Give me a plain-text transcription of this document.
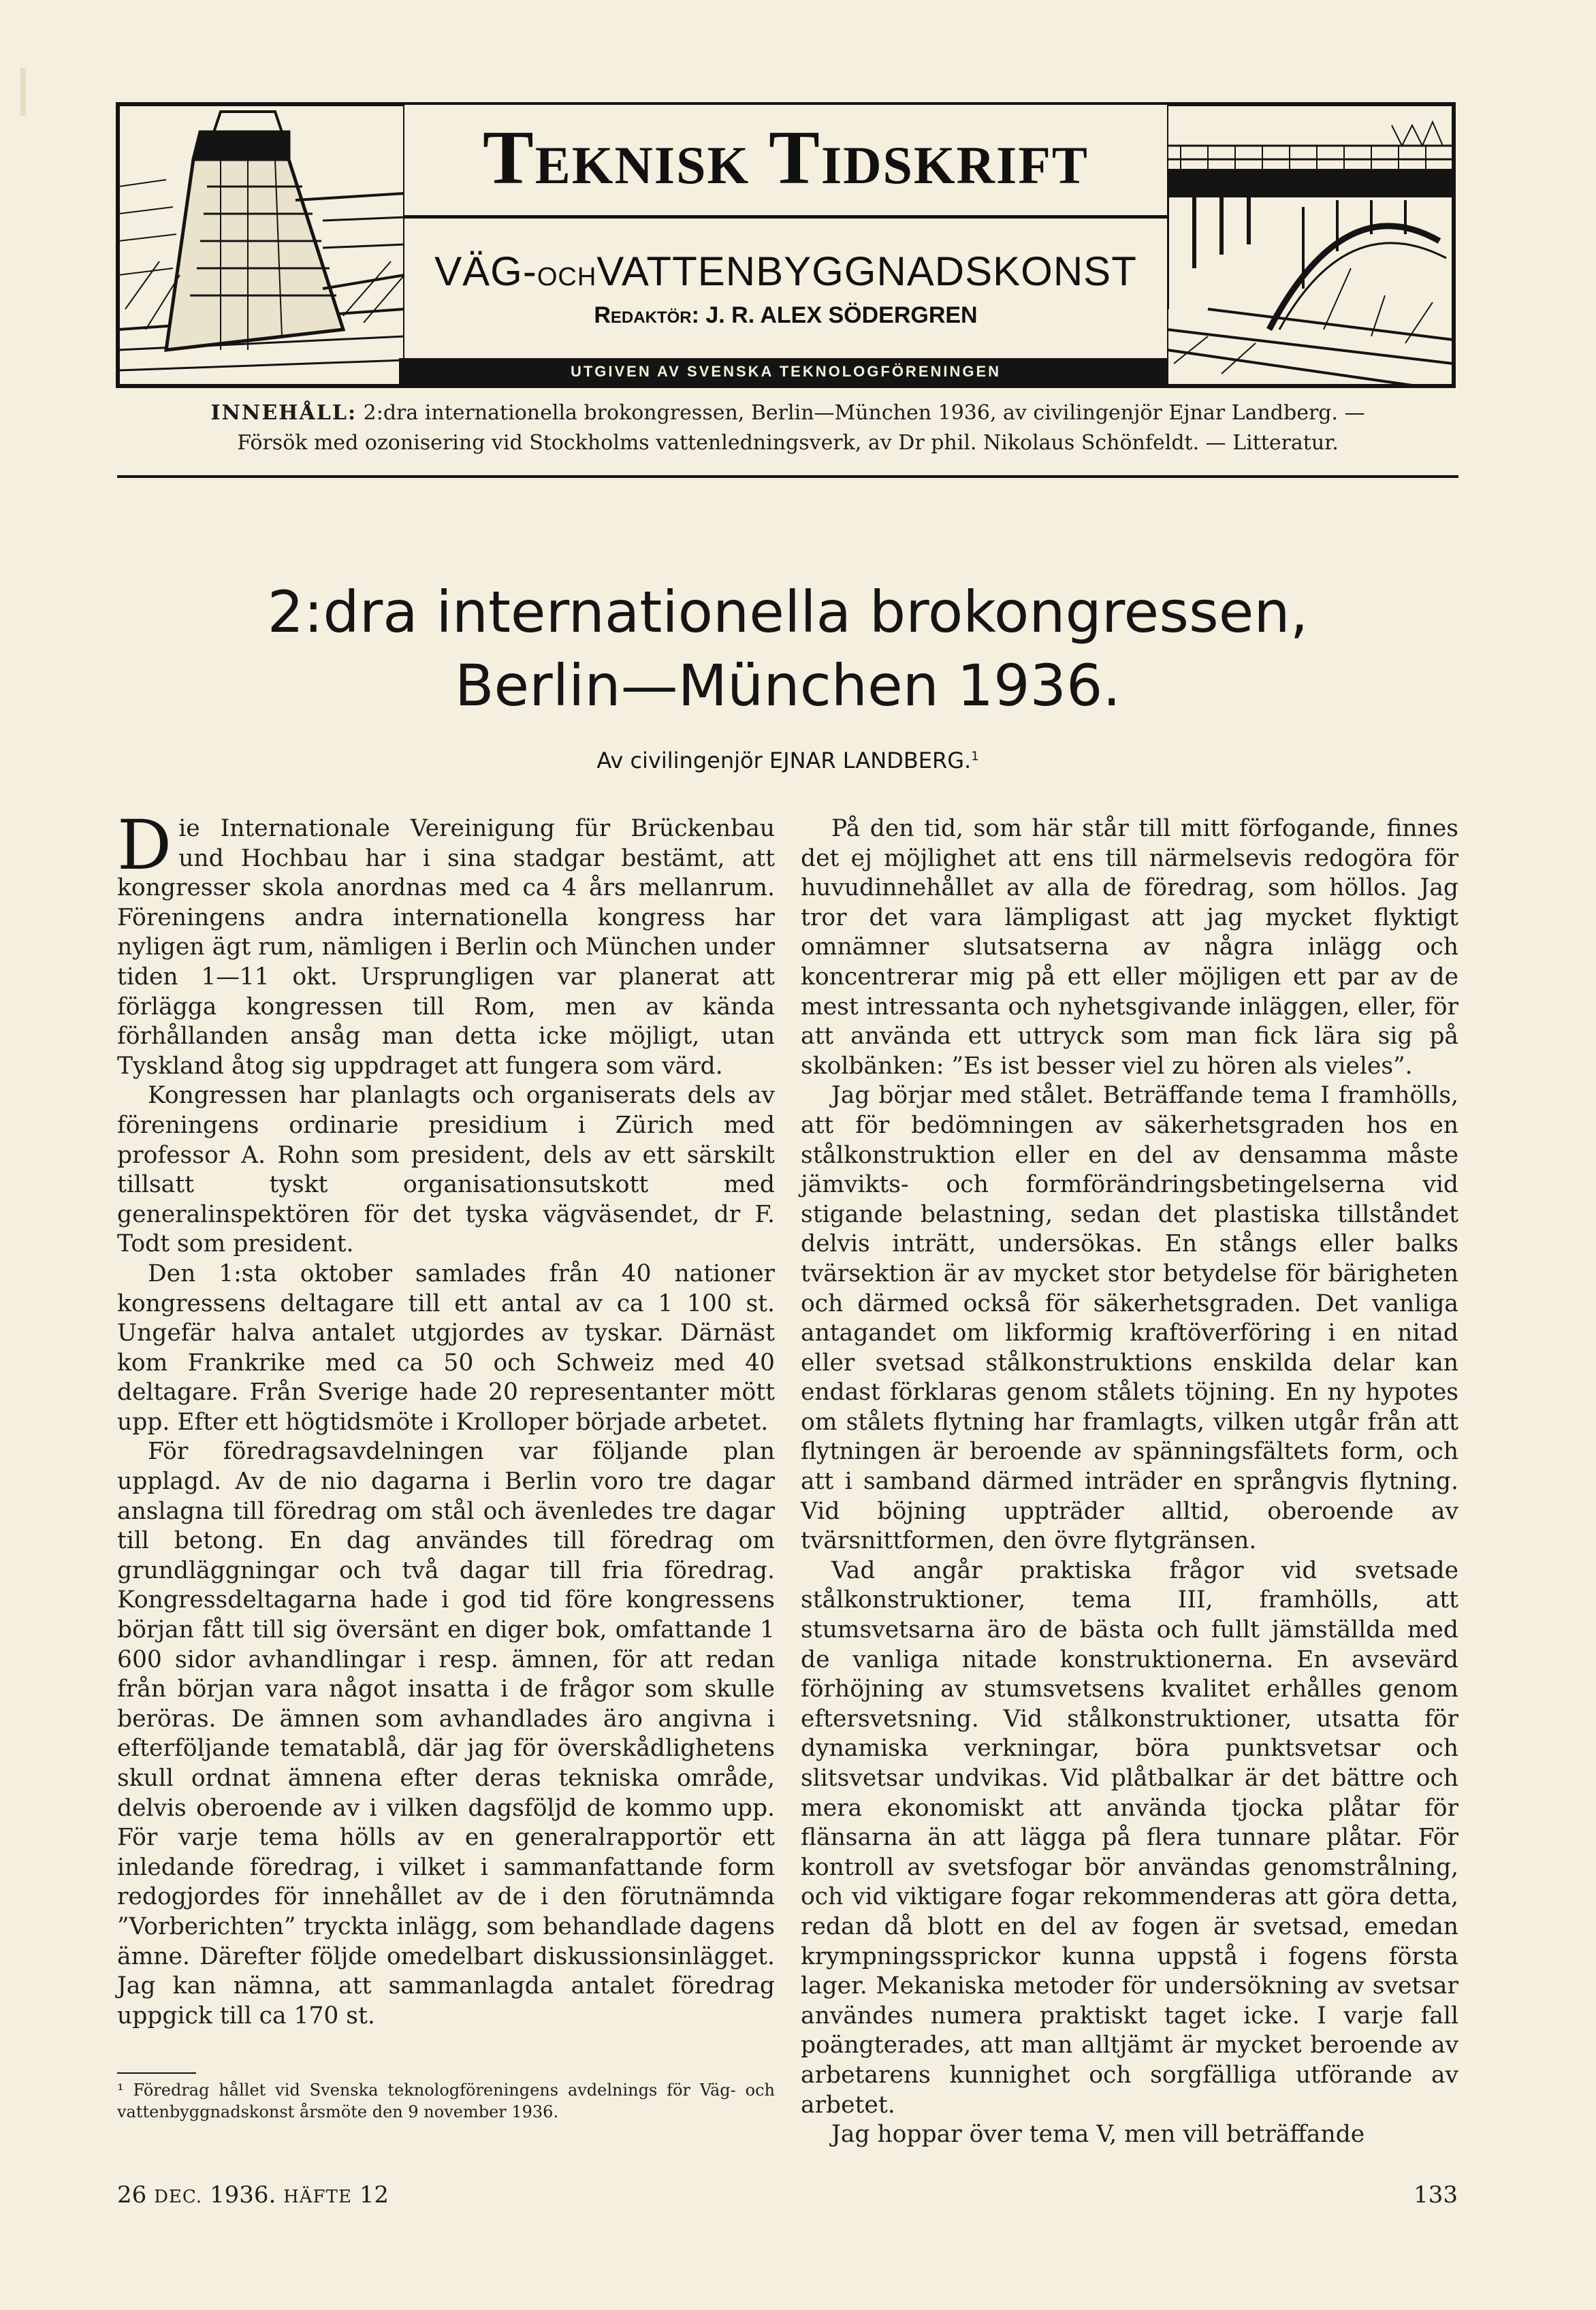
Teknisk Tidskrift
VÄG-OCHVATTENBYGGNADSKONST
Redaktör: J. R. ALEX SÖDERGREN
UTGIVEN AV SVENSKA TEKNOLOGFÖRENINGEN
INNEHÅLL: 2:dra internationella brokongressen, Berlin—München 1936, av civilingenjör Ejnar Landberg. —
Försök med ozonisering vid Stockholms vattenledningsverk, av Dr phil. Nikolaus Schönfeldt. — Litteratur.
2:dra internationella brokongressen,
Berlin—München 1936.
Av civilingenjör EJNAR LANDBERG.$^1$

Die Internationale Vereinigung für Brückenbau und Hochbau har i sina stadgar bestämt, att kongresser skola anordnas med ca 4 års mellanrum. Föreningens andra internationella kongress har nyligen ägt rum, nämligen i Berlin och München under tiden 1—11 okt. Ursprungligen var planerat att förlägga kongressen till Rom, men av kända förhållanden ansåg man detta icke möjligt, utan Tyskland åtog sig uppdraget att fungera som värd.

Kongressen har planlagts och organiserats dels av föreningens ordinarie presidium i Zürich med professor A. Rohn som president, dels av ett särskilt tillsatt tyskt organisationsutskott med generalinspektören för det tyska vägväsendet, dr F. Todt som president.

Den 1:sta oktober samlades från 40 nationer kongressens deltagare till ett antal av ca 1 100 st. Ungefär halva antalet utgjordes av tyskar. Därnäst kom Frankrike med ca 50 och Schweiz med 40 deltagare. Från Sverige hade 20 representanter mött upp. Efter ett högtidsmöte i Krolloper började arbetet.

För föredragsavdelningen var följande plan upplagd. Av de nio dagarna i Berlin voro tre dagar anslagna till föredrag om stål och ävenledes tre dagar till betong. En dag användes till föredrag om grundläggningar och två dagar till fria föredrag. Kongressdeltagarna hade i god tid före kongressens början fått till sig översänt en diger bok, omfattande 1 600 sidor avhandlingar i resp. ämnen, för att redan från början vara något insatta i de frågor som skulle beröras. De ämnen som avhandlades äro angivna i efterföljande tematablå, där jag för överskådlighetens skull ordnat ämnena efter deras tekniska område, delvis oberoende av i vilken dagsföljd de kommo upp. För varje tema hölls av en generalrapportör ett inledande föredrag, i vilket i sammanfattande form redogjordes för innehållet av de i den förutnämnda ”Vorberichten” tryckta inlägg, som behandlade dagens ämne. Därefter följde omedelbart diskussionsinlägget. Jag kan nämna, att sammanlagda antalet föredrag uppgick till ca 170 st.

På den tid, som här står till mitt förfogande, finnes det ej möjlighet att ens till närmelsevis redogöra för huvudinnehållet av alla de föredrag, som höllos. Jag tror det vara lämpligast att jag mycket flyktigt omnämner slutsatserna av några inlägg och koncentrerar mig på ett eller möjligen ett par av de mest intressanta och nyhetsgivande inläggen, eller, för att använda ett uttryck som man fick lära sig på skolbänken: ”Es ist besser viel zu hören als vieles”.

Jag börjar med stålet. Beträffande tema I framhölls, att för bedömningen av säkerhetsgraden hos en stålkonstruktion eller en del av densamma måste jämvikts- och formförändringsbetingelserna vid stigande belastning, sedan det plastiska tillståndet delvis inträtt, undersökas. En stångs eller balks tvärsektion är av mycket stor betydelse för bärigheten och därmed också för säkerhetsgraden. Det vanliga antagandet om likformig kraftöverföring i en nitad eller svetsad stålkonstruktions enskilda delar kan endast förklaras genom stålets töjning. En ny hypotes om stålets flytning har framlagts, vilken utgår från att flytningen är beroende av spänningsfältets form, och att i samband därmed inträder en språngvis flytning. Vid böjning uppträder alltid, oberoende av tvärsnittformen, den övre flytgränsen.

Vad angår praktiska frågor vid svetsade stålkonstruktioner, tema III, framhölls, att stumsvetsarna äro de bästa och fullt jämställda med de vanliga nitade konstruktionerna. En avsevärd förhöjning av stumsvetsens kvalitet erhålles genom eftersvetsning. Vid stålkonstruktioner, utsatta för dynamiska verkningar, böra punktsvetsar och slitsvetsar undvikas. Vid plåtbalkar är det bättre och mera ekonomiskt att använda tjocka plåtar för flänsarna än att lägga på flera tunnare plåtar. För kontroll av svetsfogar bör användas genomstrålning, och vid viktigare fogar rekommenderas att göra detta, redan då blott en del av fogen är svetsad, emedan krympningssprickor kunna uppstå i fogens första lager. Mekaniska metoder för undersökning av svetsar användes numera praktiskt taget icke. I varje fall poängterades, att man alltjämt är mycket beroende av arbetarens kunnighet och sorgfälliga utförande av arbetet.

Jag hoppar över tema V, men vill beträffande

¹ Föredrag hållet vid Svenska teknologföreningens avdelnings för Väg- och vattenbyggnadskonst årsmöte den 9 november 1936.
26 DEC. 1936. HÄFTE 12	133
